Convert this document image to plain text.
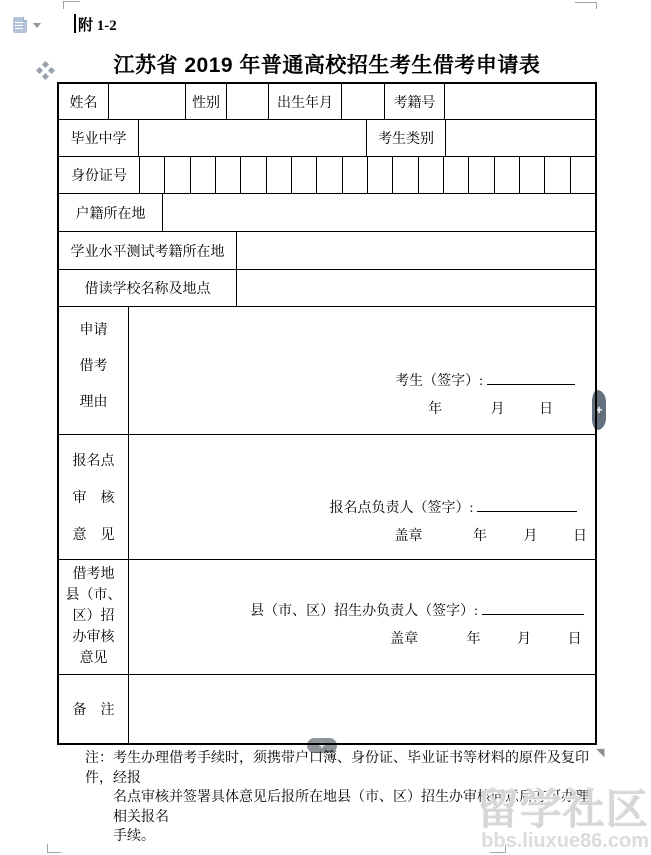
+
+
◥
附 1-2
江苏省 2019 年普通高校招生考生借考申请表
姓名	性别	出生年月	考籍号
毕业中学	考生类别
身份证号
户籍所在地
学业水平测试考籍所在地
借读学校名称及地点
申请
借考
理由
考生（签字）:
年	月 日
报名点
审　核
意　见
报名点负责人（签字）:
盖章	年	月	日
借考地
县（市、
区）招
办审核
意见
县（市、区）招生办负责人（签字）:
盖章	年	月	日
备　注
注：考生办理借考手续时，须携带户口簿、身份证、毕业证书等材料的原件及复印件，经报
名点审核并签署具体意见后报所在地县（市、区）招生办审核同意后方可办理相关报名
手续。
留学社区
bbs.liuxue86.com
